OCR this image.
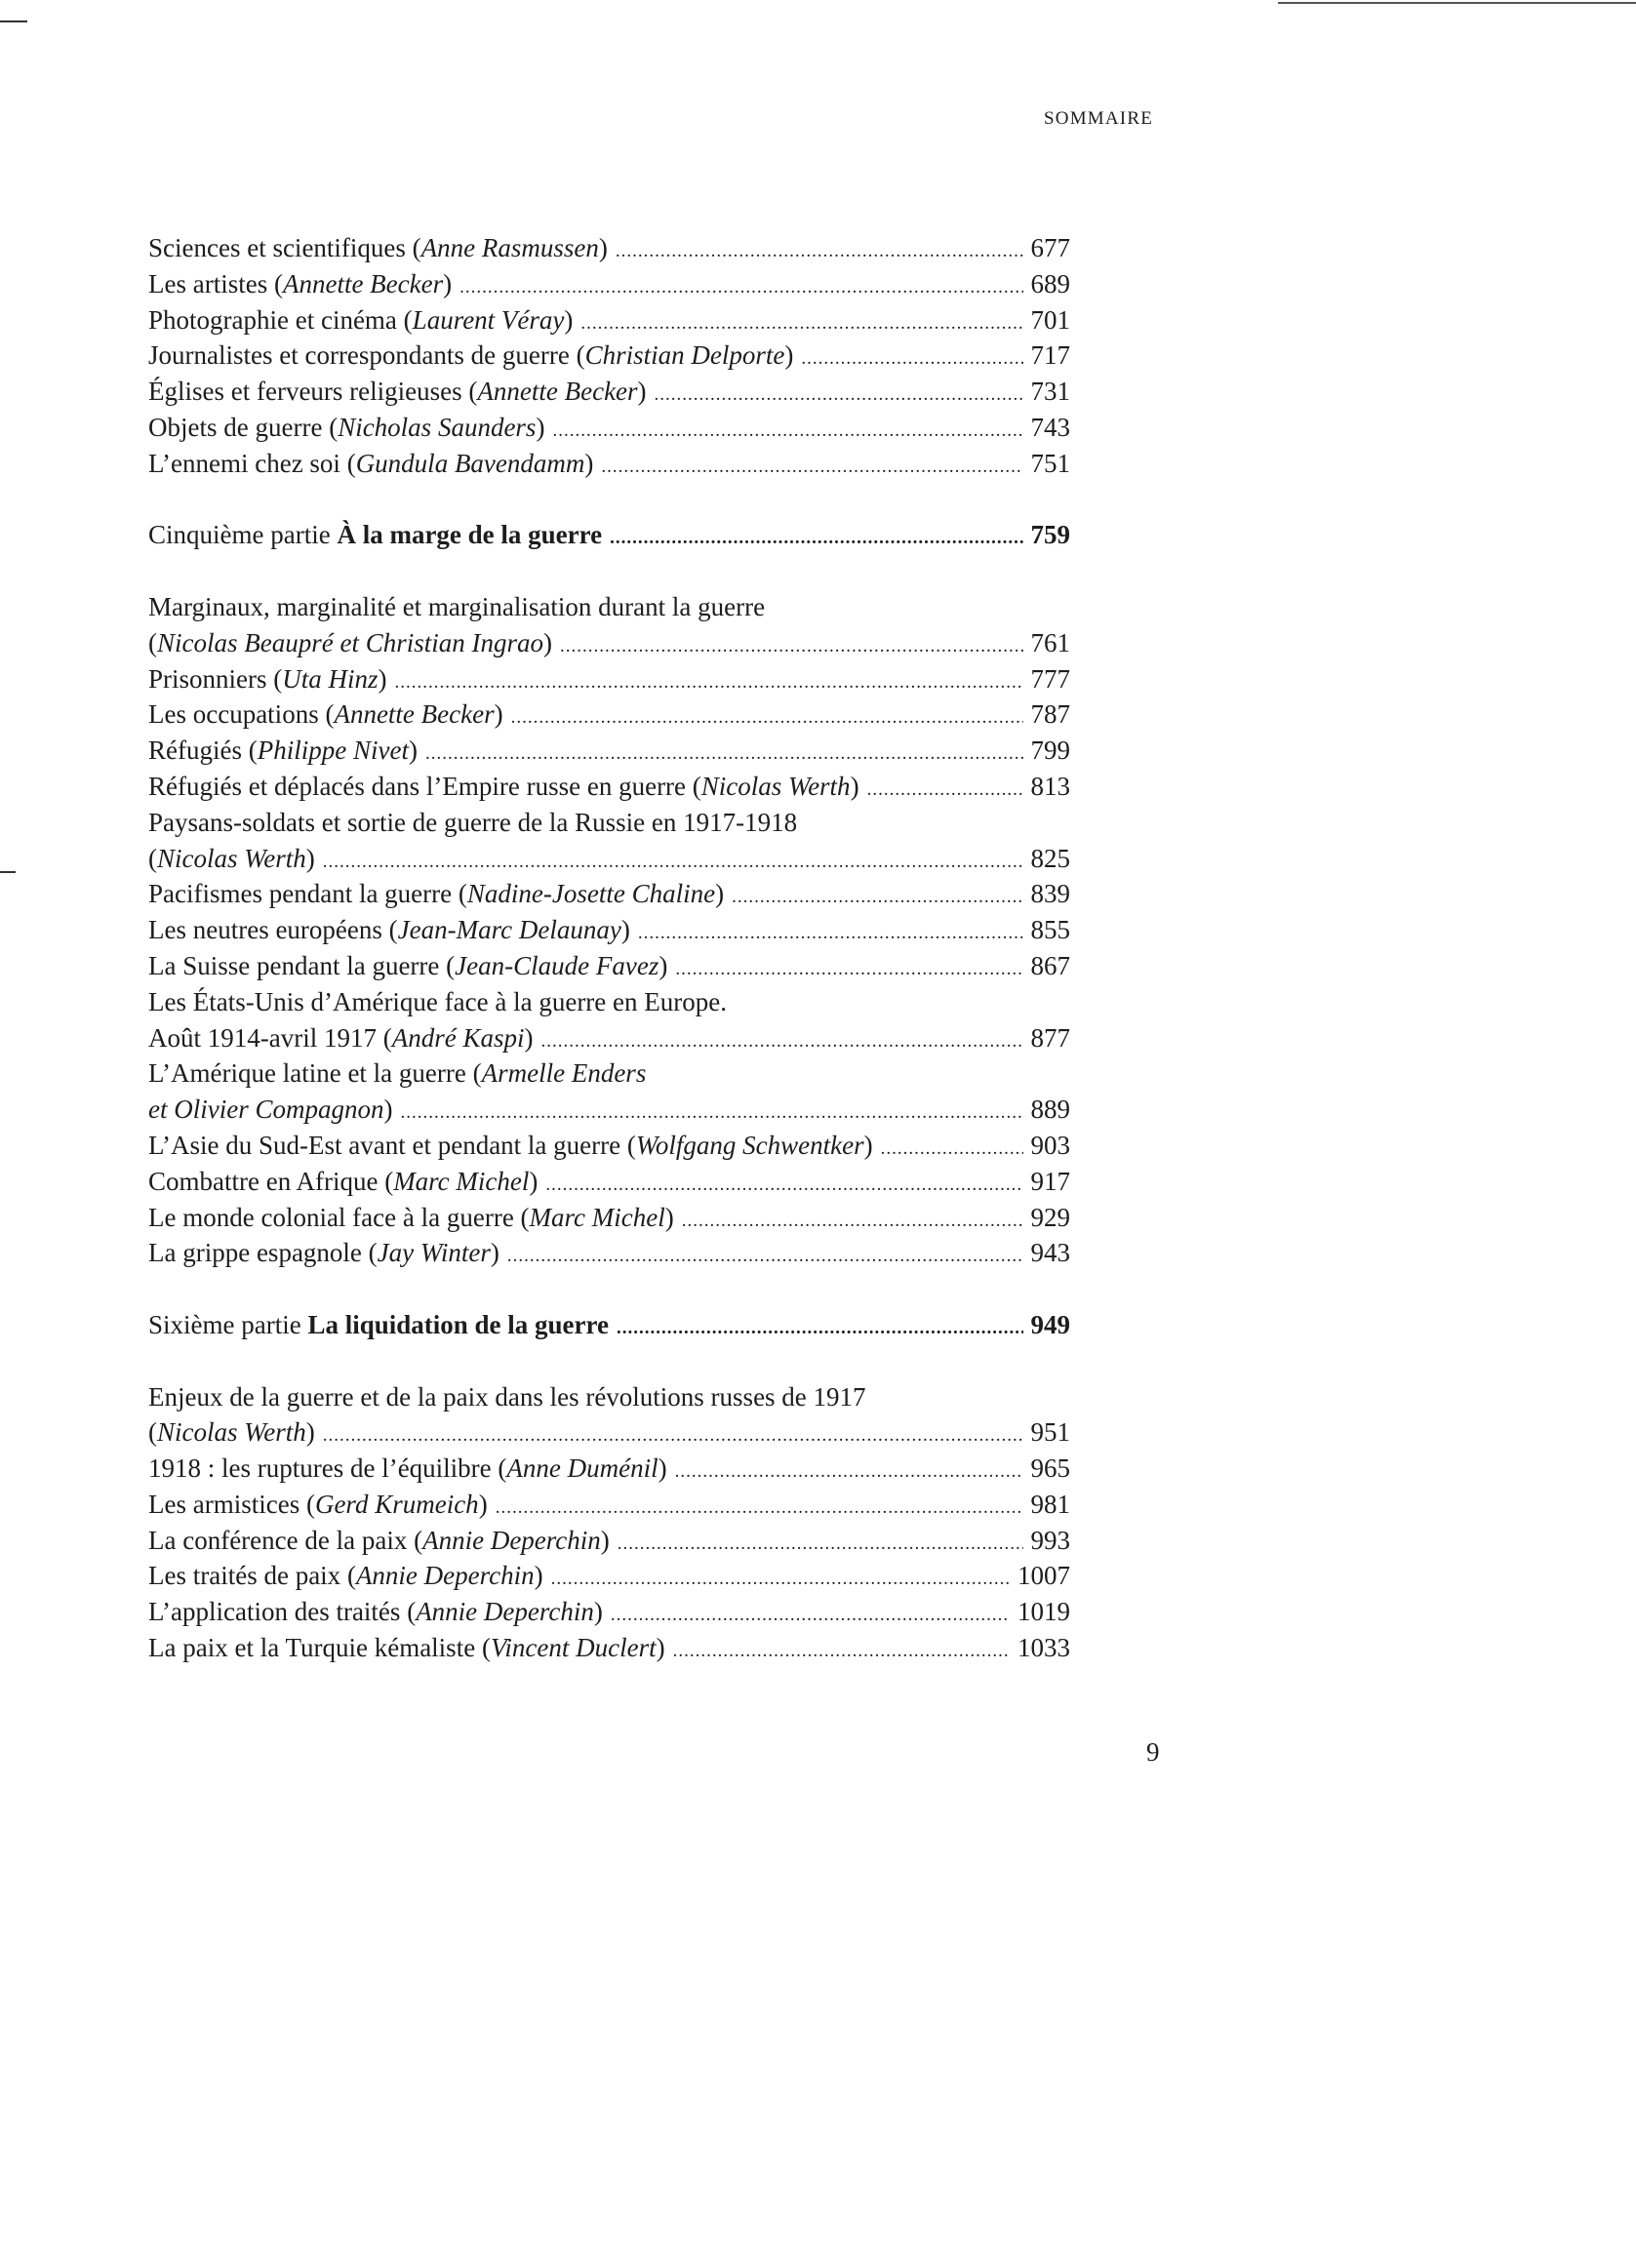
SOMMAIRE
Sciences et scientifiques (Anne Rasmussen) .....	677
Les artistes (Annette Becker) .....	689
Photographie et cinéma (Laurent Véray) .....	701
Journalistes et correspondants de guerre (Christian Delporte) .....	717
Églises et ferveurs religieuses (Annette Becker) .....	731
Objets de guerre (Nicholas Saunders) .....	743
L’ennemi chez soi (Gundula Bavendamm) .....	751
Cinquième partie À la marge de la guerre .....	759
Marginaux, marginalité et marginalisation durant la guerre
(Nicolas Beaupré et Christian Ingrao) .....	761
Prisonniers (Uta Hinz) .....	777
Les occupations (Annette Becker) .....	787
Réfugiés (Philippe Nivet) .....	799
Réfugiés et déplacés dans l’Empire russe en guerre (Nicolas Werth) .....	813
Paysans-soldats et sortie de guerre de la Russie en 1917-1918
(Nicolas Werth) .....	825
Pacifismes pendant la guerre (Nadine-Josette Chaline) .....	839
Les neutres européens (Jean-Marc Delaunay) .....	855
La Suisse pendant la guerre (Jean-Claude Favez) .....	867
Les États-Unis d’Amérique face à la guerre en Europe.
Août 1914-avril 1917 (André Kaspi) .....	877
L’Amérique latine et la guerre (Armelle Enders
et Olivier Compagnon) .....	889
L’Asie du Sud-Est avant et pendant la guerre (Wolfgang Schwentker) .....	903
Combattre en Afrique (Marc Michel) .....	917
Le monde colonial face à la guerre (Marc Michel) .....	929
La grippe espagnole (Jay Winter) .....	943
Sixième partie La liquidation de la guerre .....	949
Enjeux de la guerre et de la paix dans les révolutions russes de 1917
(Nicolas Werth) .....	951
1918 : les ruptures de l’équilibre (Anne Duménil) .....	965
Les armistices (Gerd Krumeich) .....	981
La conférence de la paix (Annie Deperchin) .....	993
Les traités de paix (Annie Deperchin) .....	1007
L’application des traités (Annie Deperchin) .....	1019
La paix et la Turquie kémaliste (Vincent Duclert) .....	1033
9
